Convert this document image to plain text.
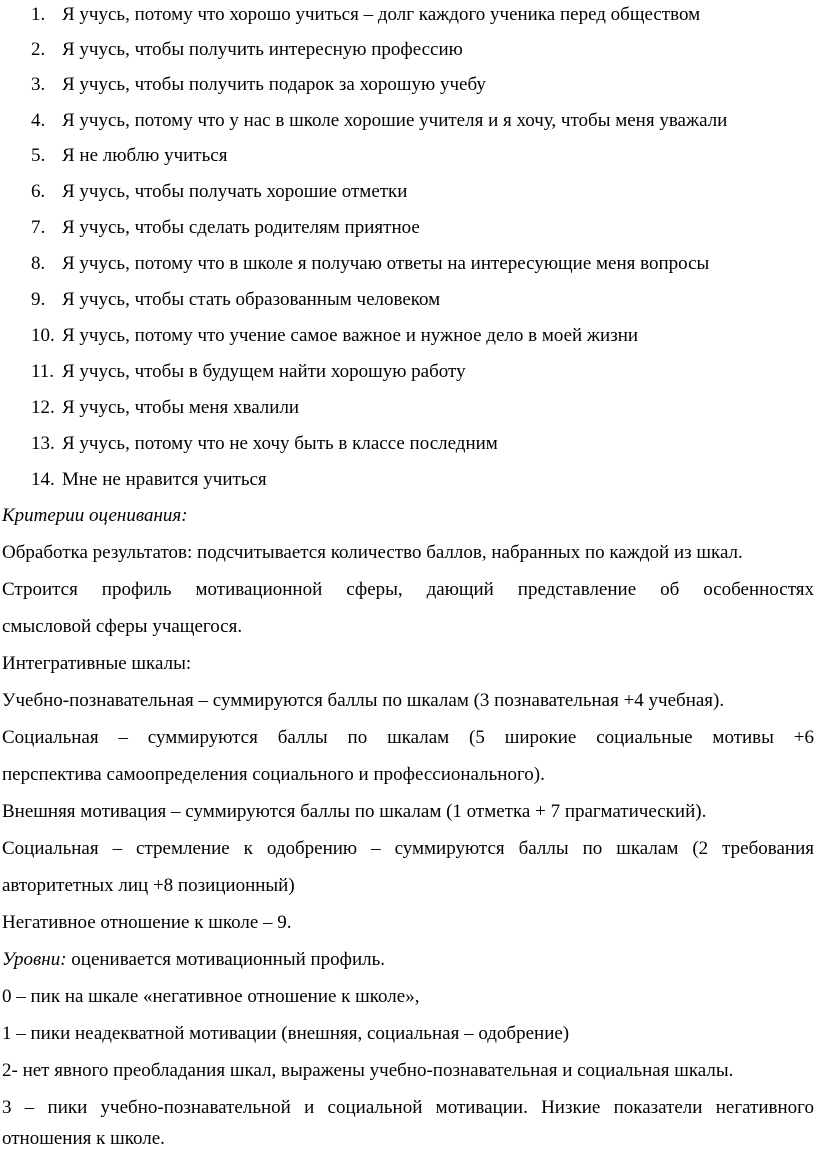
1. Я учусь, потому что хорошо учиться – долг каждого ученика перед обществом
2. Я учусь, чтобы получить интересную профессию
3. Я учусь, чтобы получить подарок за хорошую учебу
4. Я учусь, потому что у нас в школе хорошие учителя и я хочу, чтобы меня уважали
5. Я не люблю учиться
6. Я учусь, чтобы получать хорошие отметки
7. Я учусь, чтобы сделать родителям приятное
8. Я учусь, потому что в школе я получаю ответы на интересующие меня вопросы
9. Я учусь, чтобы стать образованным человеком
10. Я учусь, потому что учение самое важное и нужное дело в моей жизни
11. Я учусь, чтобы в будущем найти хорошую работу
12. Я учусь, чтобы меня хвалили
13. Я учусь, потому что не хочу быть в классе последним
14. Мне не нравится учиться
Критерии оценивания:
Обработка результатов: подсчитывается количество баллов, набранных по каждой из шкал.
Строится профиль мотивационной сферы, дающий представление об особенностях
смысловой сферы учащегося.
Интегративные шкалы:
Учебно-познавательная – суммируются баллы по шкалам (3 познавательная +4 учебная).
Социальная – суммируются баллы по шкалам (5 широкие социальные мотивы +6
перспектива самоопределения социального и профессионального).
Внешняя мотивация – суммируются баллы по шкалам (1 отметка + 7 прагматический).
Социальная – стремление к одобрению – суммируются баллы по шкалам (2 требования
авторитетных лиц +8 позиционный)
Негативное отношение к школе – 9.
Уровни: оценивается мотивационный профиль.
0 – пик на шкале «негативное отношение к школе»,
1 – пики неадекватной мотивации (внешняя, социальная – одобрение)
2- нет явного преобладания шкал, выражены учебно-познавательная и социальная шкалы.
3 – пики учебно-познавательной и социальной мотивации. Низкие показатели негативного
отношения к школе.
